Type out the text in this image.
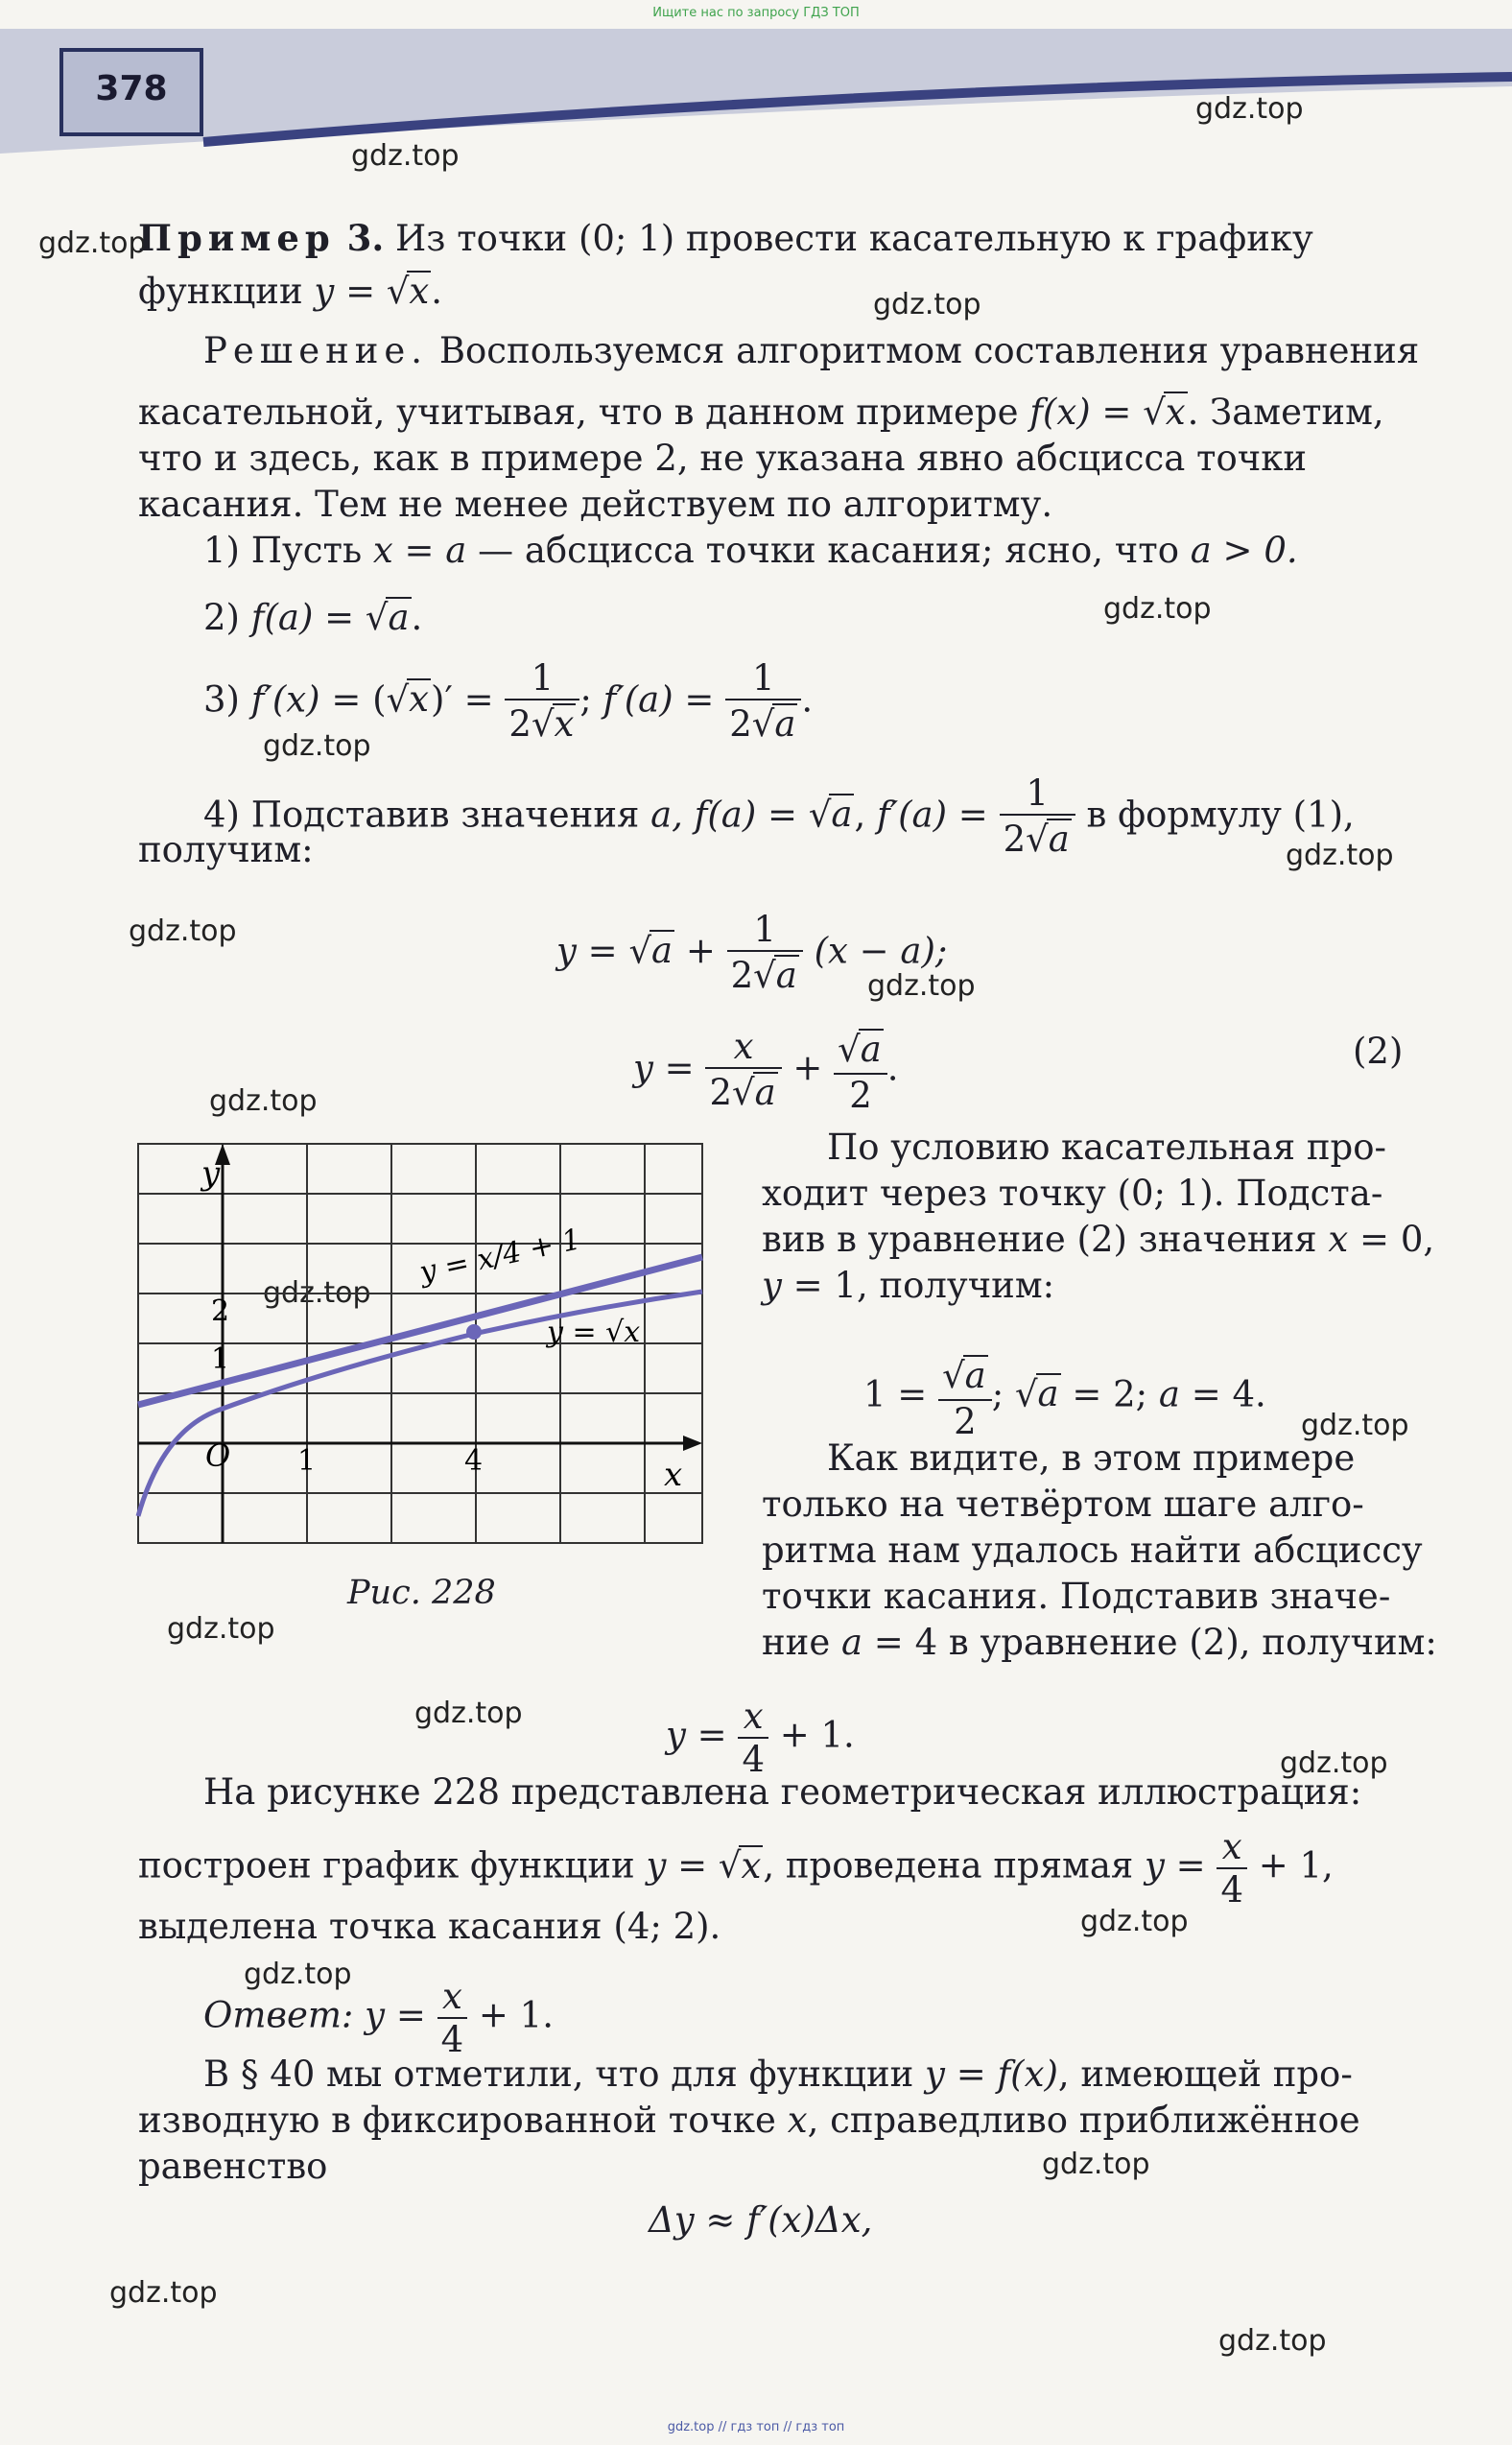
Ищите нас по запросу ГДЗ ТОП
378
gdz.top
gdz.top
gdz.top
gdz.top
gdz.top
gdz.top
gdz.top
gdz.top
gdz.top
gdz.top
gdz.top
gdz.top
gdz.top
gdz.top
gdz.top
gdz.top
gdz.top
gdz.top
gdz.top
gdz.top
Пример 3. Из точки (0; 1) провести касательную к графику
функции y = √x.
Решение. Воспользуемся алгоритмом составления уравнения
касательной, учитывая, что в данном примере f(x) = √x. Заметим,
что и здесь, как в примере 2, не указана явно абсцисса точки
касания. Тем не менее действуем по алгоритму.
1) Пусть x = a — абсцисса точки касания; ясно, что a > 0.
2) f(a) = √a.
3) $f'(x) = (√x)' = \frac{1}{2√x}$ ; $f'(a) = \frac{1}{2√a}$ .
4) Подставив значения a, f(a) = √a, $f'(a) = \frac{1}{2√a}$ в формулу (1),
получим:
$y = √a + \frac{1}{2√a} (x - a)$;
$y = \frac{x}{2√a} + \frac{√a}{2}$ .	(2)
y
x
O 1	4
1
2
y = x/4 + 1
y = √x
Рис. 228
По условию касательная про-
ходит через точку (0; 1). Подста-
вив в уравнение (2) значения x = 0,
y = 1, получим:
$1 = \frac{√a}{2}$ ; √a = 2; a = 4.
Как видите, в этом примере
только на четвёртом шаге алго-
ритма нам удалось найти абсциссу
точки касания. Подставив значе-
ние a = 4 в уравнение (2), получим:
$y = \frac{x}{4} + 1$.
На рисунке 228 представлена геометрическая иллюстрация:
построен график функции y = √x, проведена прямая $y = \frac{x}{4} + 1$,
выделена точка касания (4; 2).
Ответ: $y = \frac{x}{4} + 1$.
В § 40 мы отметили, что для функции y = f(x), имеющей про-
изводную в фиксированной точке x, справедливо приближённое
равенство
Δy ≈ f′(x)Δx,
gdz.top // гдз топ // гдз топ
